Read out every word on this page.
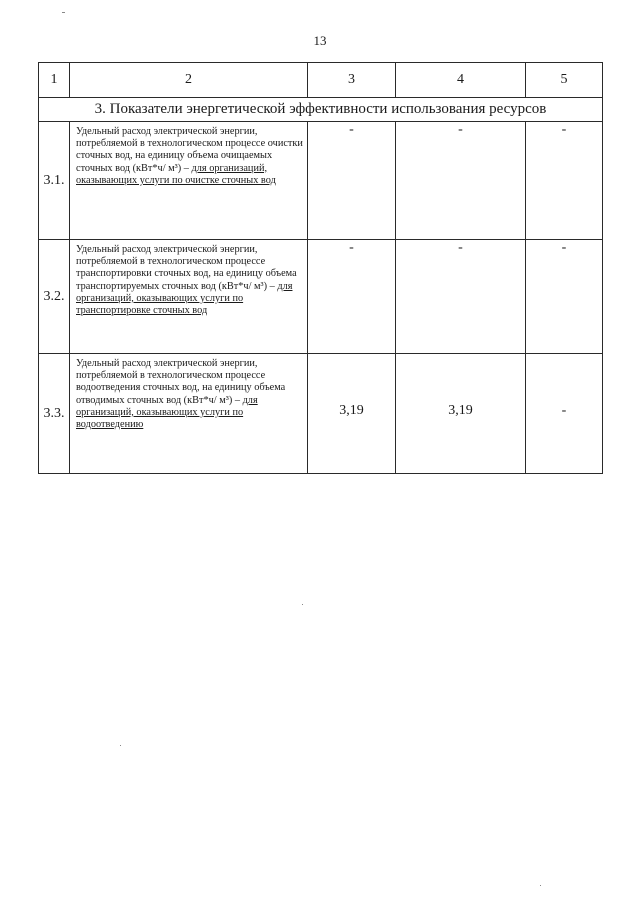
13
1	2	3	4	5
3. Показатели энергетической эффективности использования ресурсов				
3.1.	Удельный расход электрической энергии, потребляемой в технологическом процессе очистки сточных вод, на единицу объема очищаемых сточных вод (кВт*ч/ м³) – для организаций, оказывающих услуги по очистке сточных вод	-	-	-
3.2.	Удельный расход электрической энергии, потребляемой в технологическом процессе транспортировки сточных вод, на единицу объема транспортируемых сточных вод (кВт*ч/ м³) – для организаций, оказывающих услуги по транспортировке сточных вод	-	-	-
3.3.	Удельный расход электрической энергии, потребляемой в технологическом процессе водоотведения сточных вод, на единицу объема отводимых сточных вод (кВт*ч/ м³) – для организаций, оказывающих услуги по водоотведению	3,19	3,19	-
